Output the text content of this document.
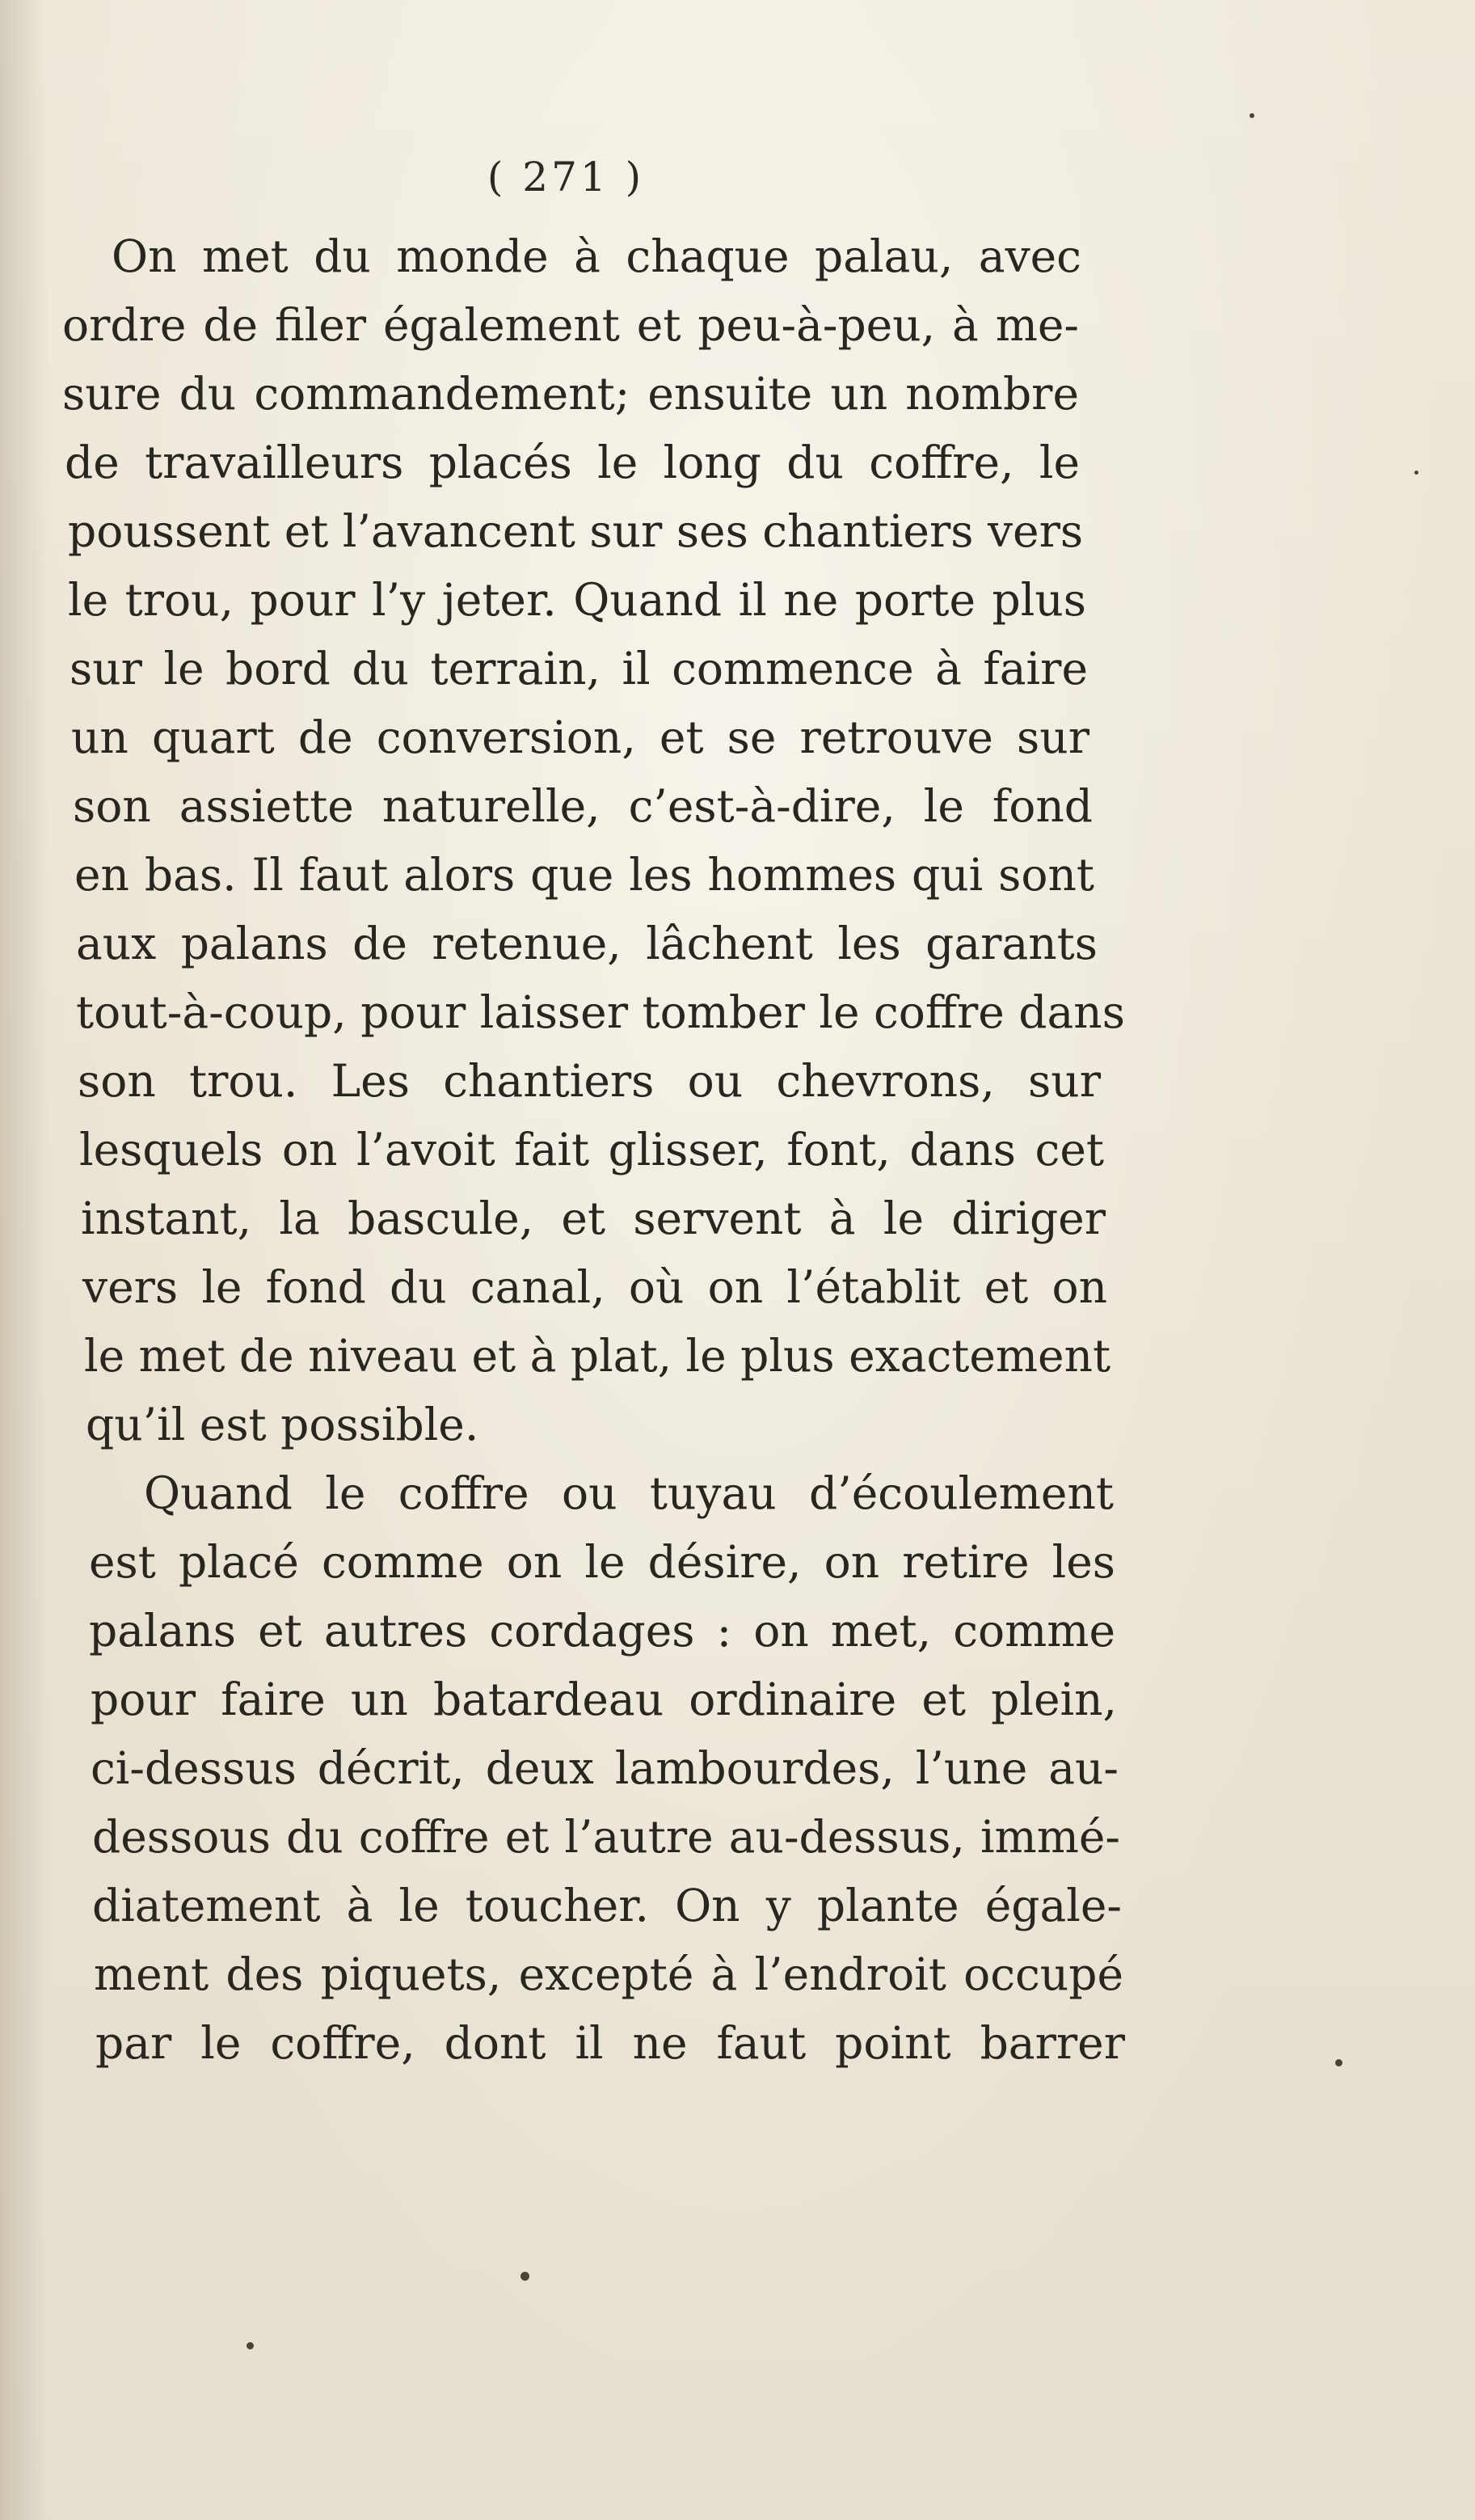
( 271 )
On met du monde à chaque palau, avec
ordre de filer également et peu-à-peu, à me-
sure du commandement; ensuite un nombre
de travailleurs placés le long du coffre, le
poussent et l’avancent sur ses chantiers vers
le trou, pour l’y jeter. Quand il ne porte plus
sur le bord du terrain, il commence à faire
un quart de conversion, et se retrouve sur
son assiette naturelle, c’est-à-dire, le fond
en bas. Il faut alors que les hommes qui sont
aux palans de retenue, lâchent les garants
tout-à-coup, pour laisser tomber le coffre dans
son trou. Les chantiers ou chevrons, sur
lesquels on l’avoit fait glisser, font, dans cet
instant, la bascule, et servent à le diriger
vers le fond du canal, où on l’établit et on
le met de niveau et à plat, le plus exactement
qu’il est possible.
Quand le coffre ou tuyau d’écoulement
est placé comme on le désire, on retire les
palans et autres cordages : on met, comme
pour faire un batardeau ordinaire et plein,
ci-dessus décrit, deux lambourdes, l’une au-
dessous du coffre et l’autre au-dessus, immé-
diatement à le toucher. On y plante égale-
ment des piquets, excepté à l’endroit occupé
par le coffre, dont il ne faut point barrer
